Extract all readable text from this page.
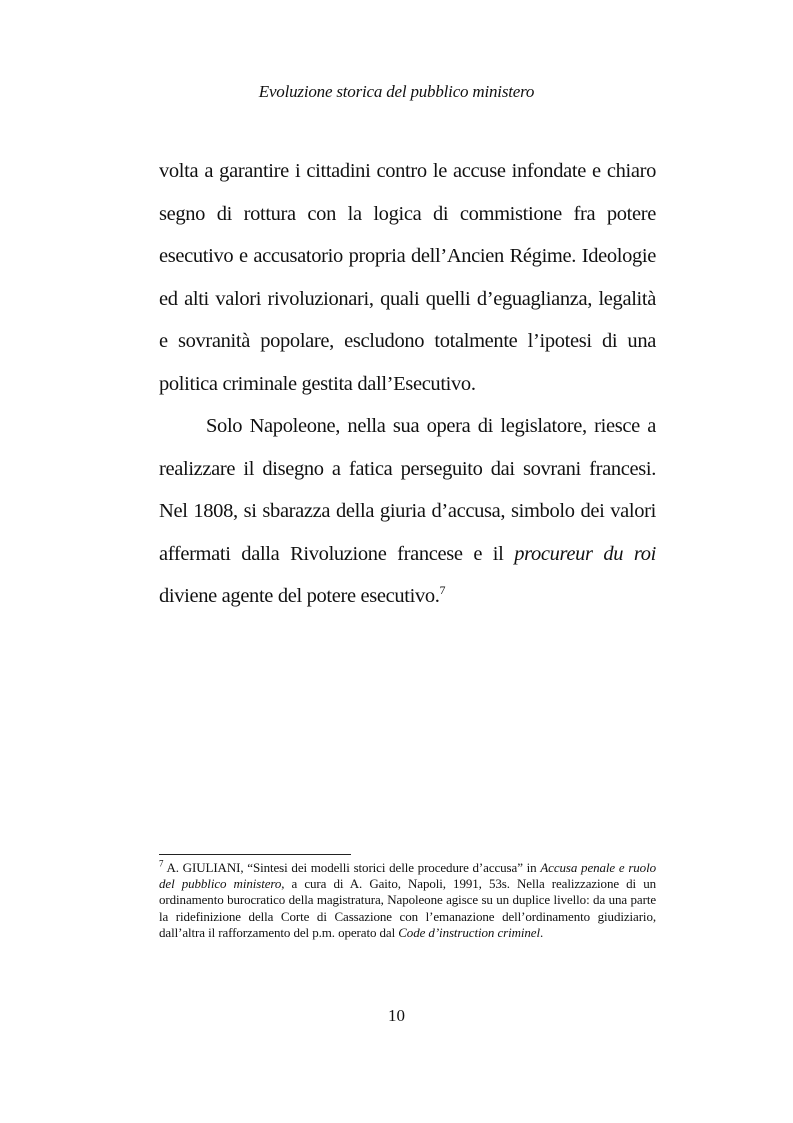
Evoluzione storica del pubblico ministero

volta a garantire i cittadini contro le accuse infondate e chiaro segno di rottura con la logica di commistione fra potere esecutivo e accusatorio propria dell’Ancien Régime. Ideologie ed alti valori rivoluzionari, quali quelli d’eguaglianza, legalità e sovranità popolare, escludono totalmente l’ipotesi di una politica criminale gestita dall’Esecutivo.

Solo Napoleone, nella sua opera di legislatore, riesce a realizzare il disegno a fatica perseguito dai sovrani francesi. Nel 1808, si sbarazza della giuria d’accusa, simbolo dei valori affermati dalla Rivoluzione francese e il procureur du roi diviene agente del potere esecutivo.$^7$

$^7$ A. GIULIANI, “Sintesi dei modelli storici delle procedure d’accusa” in Accusa penale e ruolo del pubblico ministero, a cura di A. Gaito, Napoli, 1991, 53s. Nella realizzazione di un ordinamento burocratico della magistratura, Napoleone agisce su un duplice livello: da una parte la ridefinizione della Corte di Cassazione con l’emanazione dell’ordinamento giudiziario, dall’altra il rafforzamento del p.m. operato dal Code d’instruction criminel.
10
